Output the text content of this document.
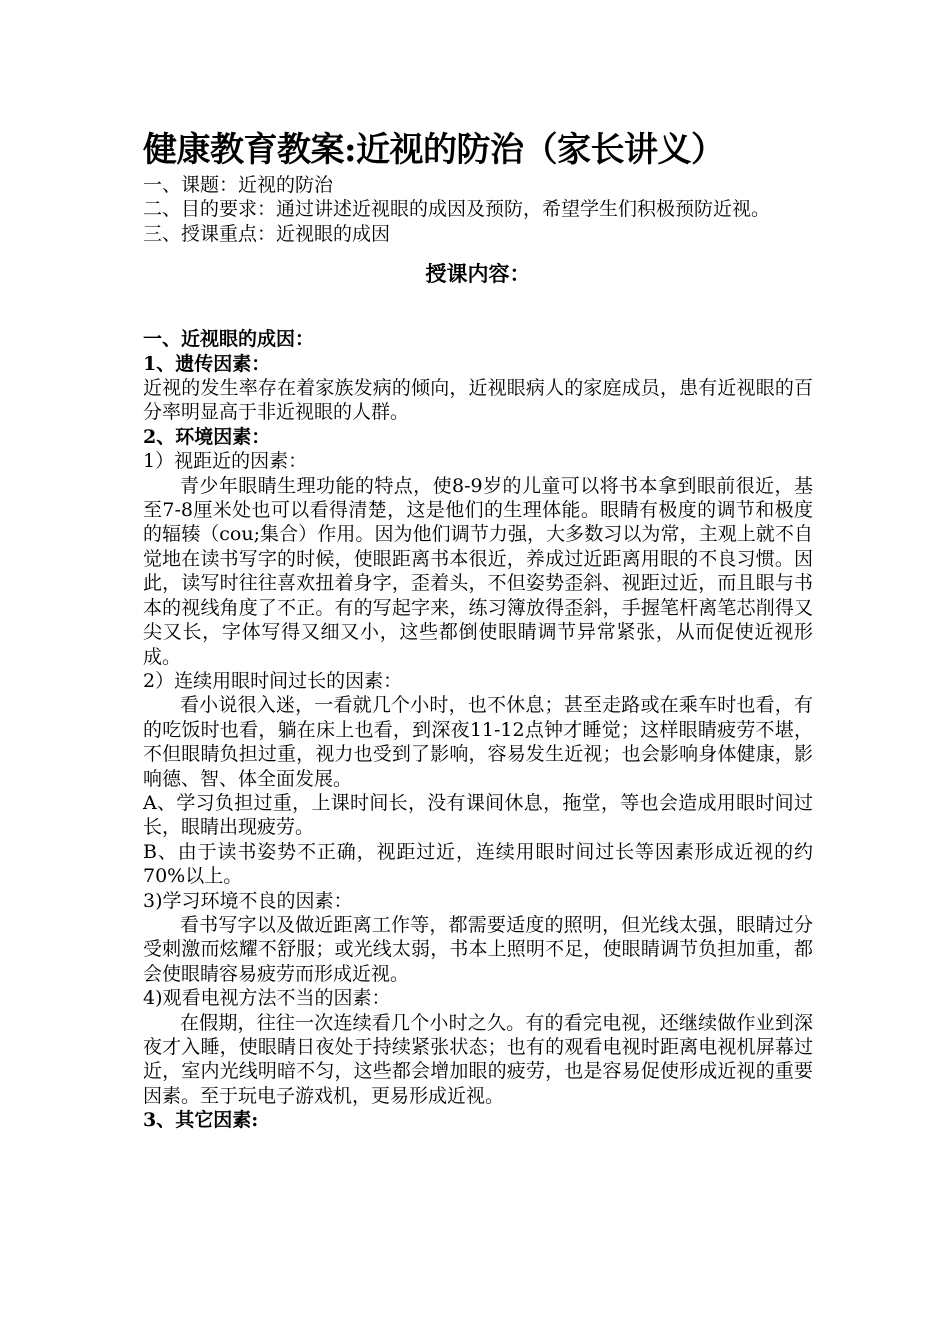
健康教育教案:近视的防治（家长讲义）

一、课题：近视的防治

二、目的要求：通过讲述近视眼的成因及预防，希望学生们积极预防近视。

三、授课重点：近视眼的成因

授课内容：

一、近视眼的成因：

1、遗传因素：

近视的发生率存在着家族发病的倾向，近视眼病人的家庭成员，患有近视眼的百分率明显高于非近视眼的人群。

2、环境因素：

1）视距近的因素：

青少年眼睛生理功能的特点，使8-9岁的儿童可以将书本拿到眼前很近，基至7-8厘米处也可以看得清楚，这是他们的生理体能。眼睛有极度的调节和极度的辐辏（cou;集合）作用。因为他们调节力强，大多数习以为常，主观上就不自觉地在读书写字的时候，使眼距离书本很近，养成过近距离用眼的不良习惯。因此，读写时往往喜欢扭着身字，歪着头，不但姿势歪斜、视距过近，而且眼与书本的视线角度了不正。有的写起字来，练习簿放得歪斜，手握笔杆离笔芯削得又尖又长，字体写得又细又小，这些都倒使眼睛调节异常紧张，从而促使近视形成。

2）连续用眼时间过长的因素：

看小说很入迷，一看就几个小时，也不休息；甚至走路或在乘车时也看，有的吃饭时也看，躺在床上也看，到深夜11-12点钟才睡觉；这样眼睛疲劳不堪，不但眼睛负担过重，视力也受到了影响，容易发生近视；也会影响身体健康，影响德、智、体全面发展。

A、学习负担过重，上课时间长，没有课间休息，拖堂，等也会造成用眼时间过长，眼睛出现疲劳。

B、由于读书姿势不正确，视距过近，连续用眼时间过长等因素形成近视的约70%以上。

3)学习环境不良的因素：

看书写字以及做近距离工作等，都需要适度的照明，但光线太强，眼睛过分受刺激而炫耀不舒服；或光线太弱，书本上照明不足，使眼睛调节负担加重，都会使眼睛容易疲劳而形成近视。

4)观看电视方法不当的因素：

在假期，往往一次连续看几个小时之久。有的看完电视，还继续做作业到深夜才入睡，使眼睛日夜处于持续紧张状态；也有的观看电视时距离电视机屏幕过近，室内光线明暗不匀，这些都会增加眼的疲劳，也是容易促使形成近视的重要因素。至于玩电子游戏机，更易形成近视。

3、其它因素:
